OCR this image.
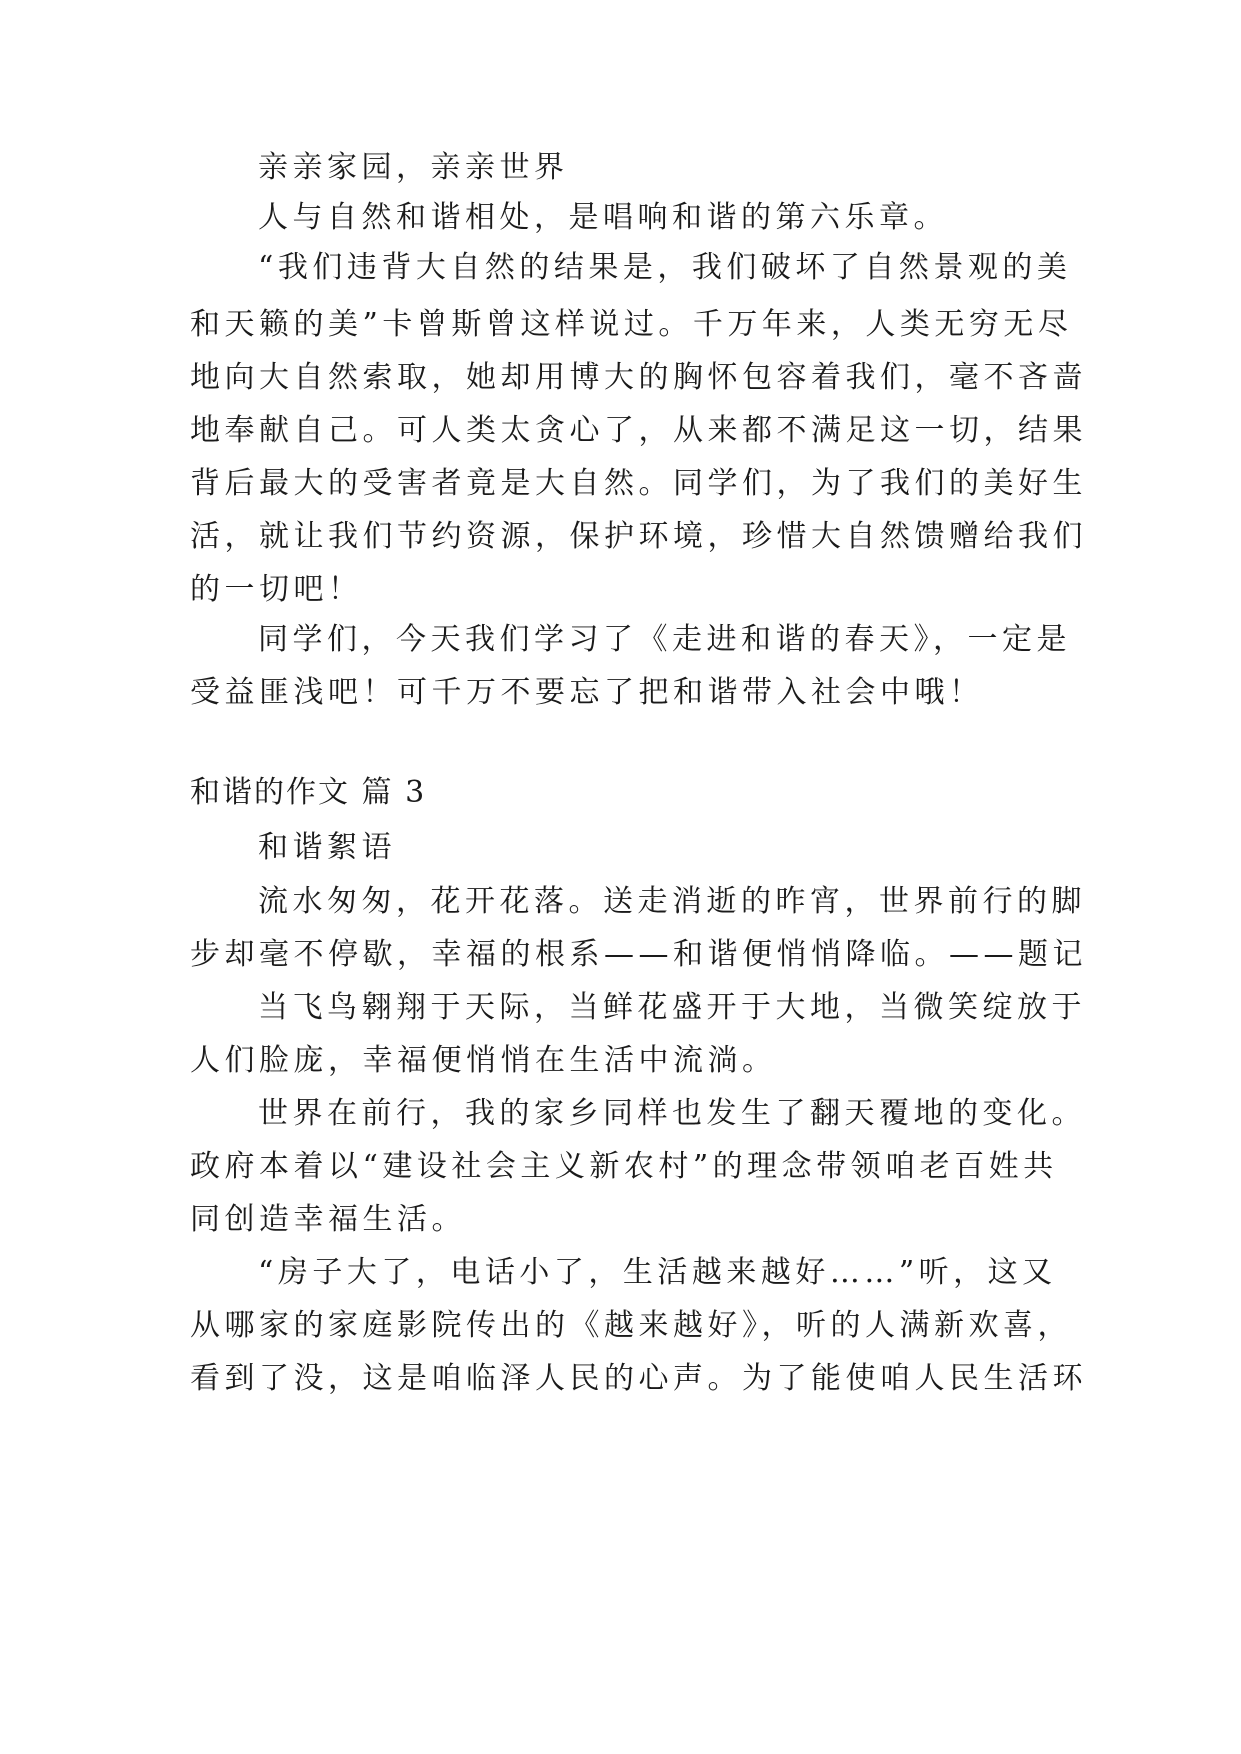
亲亲家园，亲亲世界
人与自然和谐相处，是唱响和谐的第六乐章。
“我们违背大自然的结果是，我们破坏了自然景观的美
和天籁的美”卡曾斯曾这样说过。千万年来，人类无穷无尽
地向大自然索取，她却用博大的胸怀包容着我们，毫不吝啬
地奉献自己。可人类太贪心了，从来都不满足这一切，结果
背后最大的受害者竟是大自然。同学们，为了我们的美好生
活，就让我们节约资源，保护环境，珍惜大自然馈赠给我们
的一切吧！
同学们，今天我们学习了《走进和谐的春天》，一定是
受益匪浅吧！可千万不要忘了把和谐带入社会中哦！
和谐的作文 篇 3
和谐絮语
流水匆匆，花开花落。送走消逝的昨宵，世界前行的脚
步却毫不停歇，幸福的根系——和谐便悄悄降临。——题记
当飞鸟翱翔于天际，当鲜花盛开于大地，当微笑绽放于
人们脸庞，幸福便悄悄在生活中流淌。
世界在前行，我的家乡同样也发生了翻天覆地的变化。
政府本着以“建设社会主义新农村”的理念带领咱老百姓共
同创造幸福生活。
“房子大了，电话小了，生活越来越好……”听，这又
从哪家的家庭影院传出的《越来越好》，听的人满新欢喜，
看到了没，这是咱临泽人民的心声。为了能使咱人民生活环
